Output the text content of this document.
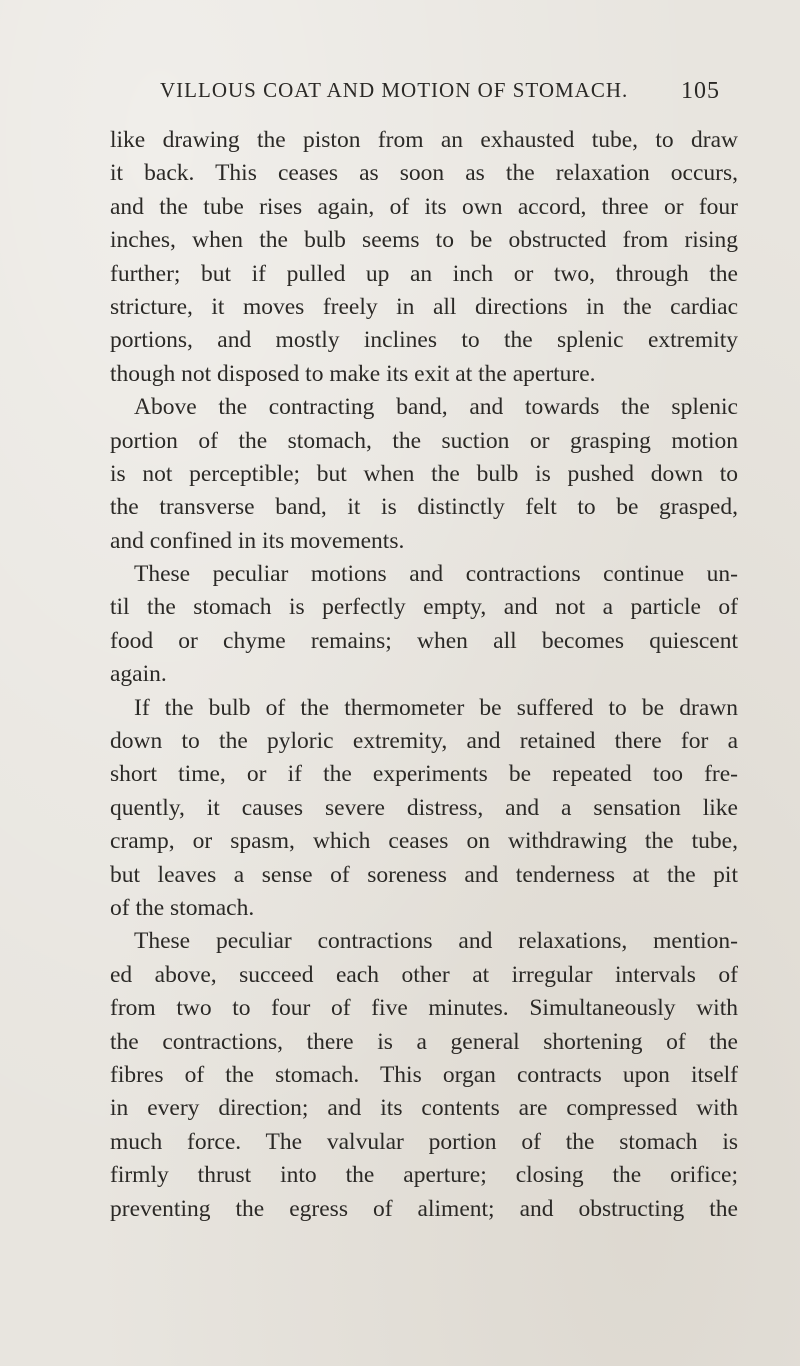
VILLOUS COAT AND MOTION OF STOMACH. 105
like drawing the piston from an exhausted tube, to draw
it back. This ceases as soon as the relaxation occurs,
and the tube rises again, of its own accord, three or four
inches, when the bulb seems to be obstructed from rising
further; but if pulled up an inch or two, through the
stricture, it moves freely in all directions in the cardiac
portions, and mostly inclines to the splenic extremity
though not disposed to make its exit at the aperture.
Above the contracting band, and towards the splenic
portion of the stomach, the suction or grasping motion
is not perceptible; but when the bulb is pushed down to
the transverse band, it is distinctly felt to be grasped,
and confined in its movements.
These peculiar motions and contractions continue un-
til the stomach is perfectly empty, and not a particle of
food or chyme remains; when all becomes quiescent
again.
If the bulb of the thermometer be suffered to be drawn
down to the pyloric extremity, and retained there for a
short time, or if the experiments be repeated too fre-
quently, it causes severe distress, and a sensation like
cramp, or spasm, which ceases on withdrawing the tube,
but leaves a sense of soreness and tenderness at the pit
of the stomach.
These peculiar contractions and relaxations, mention-
ed above, succeed each other at irregular intervals of
from two to four of five minutes. Simultaneously with
the contractions, there is a general shortening of the
fibres of the stomach. This organ contracts upon itself
in every direction; and its contents are compressed with
much force. The valvular portion of the stomach is
firmly thrust into the aperture; closing the orifice;
preventing the egress of aliment; and obstructing the
